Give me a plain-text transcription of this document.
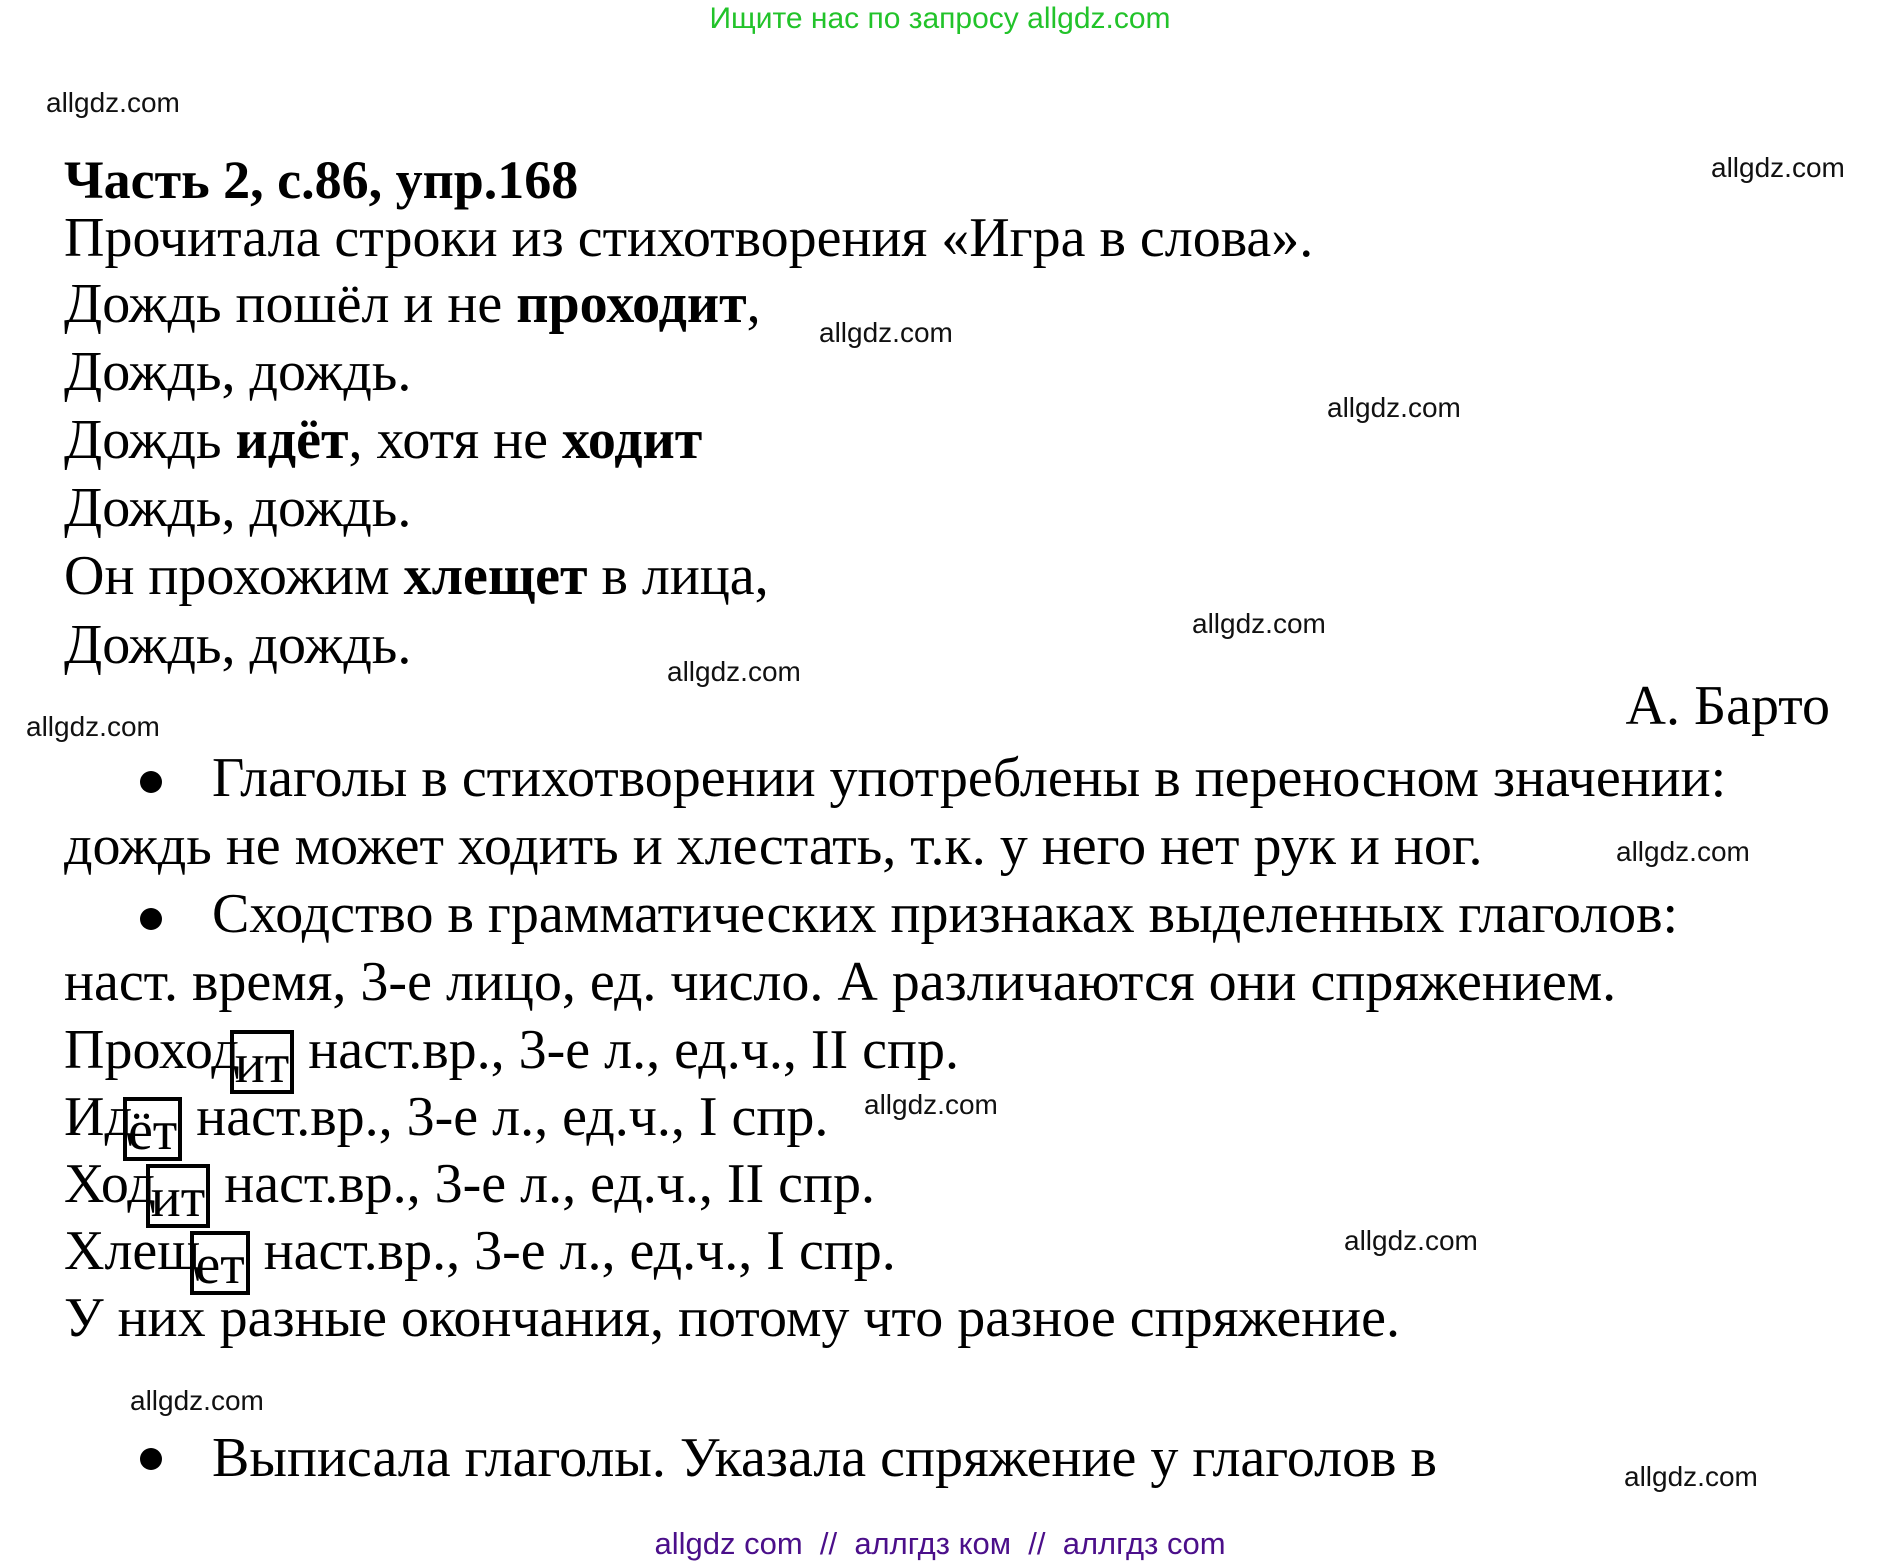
Ищите нас по запросу allgdz.com
Часть 2, с.86, упр.168
Прочитала строки из стихотворения «Игра в слова».
Дождь пошёл и не проходит,
Дождь, дождь.
Дождь идёт, хотя не ходит
Дождь, дождь.
Он прохожим хлещет в лица,
Дождь, дождь.
А. Барто
Глаголы в стихотворении употреблены в переносном значении:
дождь не может ходить и хлестать, т.к. у него нет рук и ног.
Сходство в грамматических признаках выделенных глаголов:
наст. время, 3-е лицо, ед. число. А различаются они спряжением.
Проходит наст.вр., 3-е л., ед.ч., II спр.
Идёт наст.вр., 3-е л., ед.ч., I спр.
Ходит наст.вр., 3-е л., ед.ч., II спр.
Хлещет наст.вр., 3-е л., ед.ч., I спр.
У них разные окончания, потому что разное спряжение.
Выписала глаголы. Указала спряжение у глаголов в
allgdz.com
allgdz.com
allgdz.com
allgdz.com
allgdz.com
allgdz.com
allgdz.com
allgdz.com
allgdz.com
allgdz.com
allgdz.com
allgdz.com
allgdz com  //  аллгдз ком  //  аллгдз com
